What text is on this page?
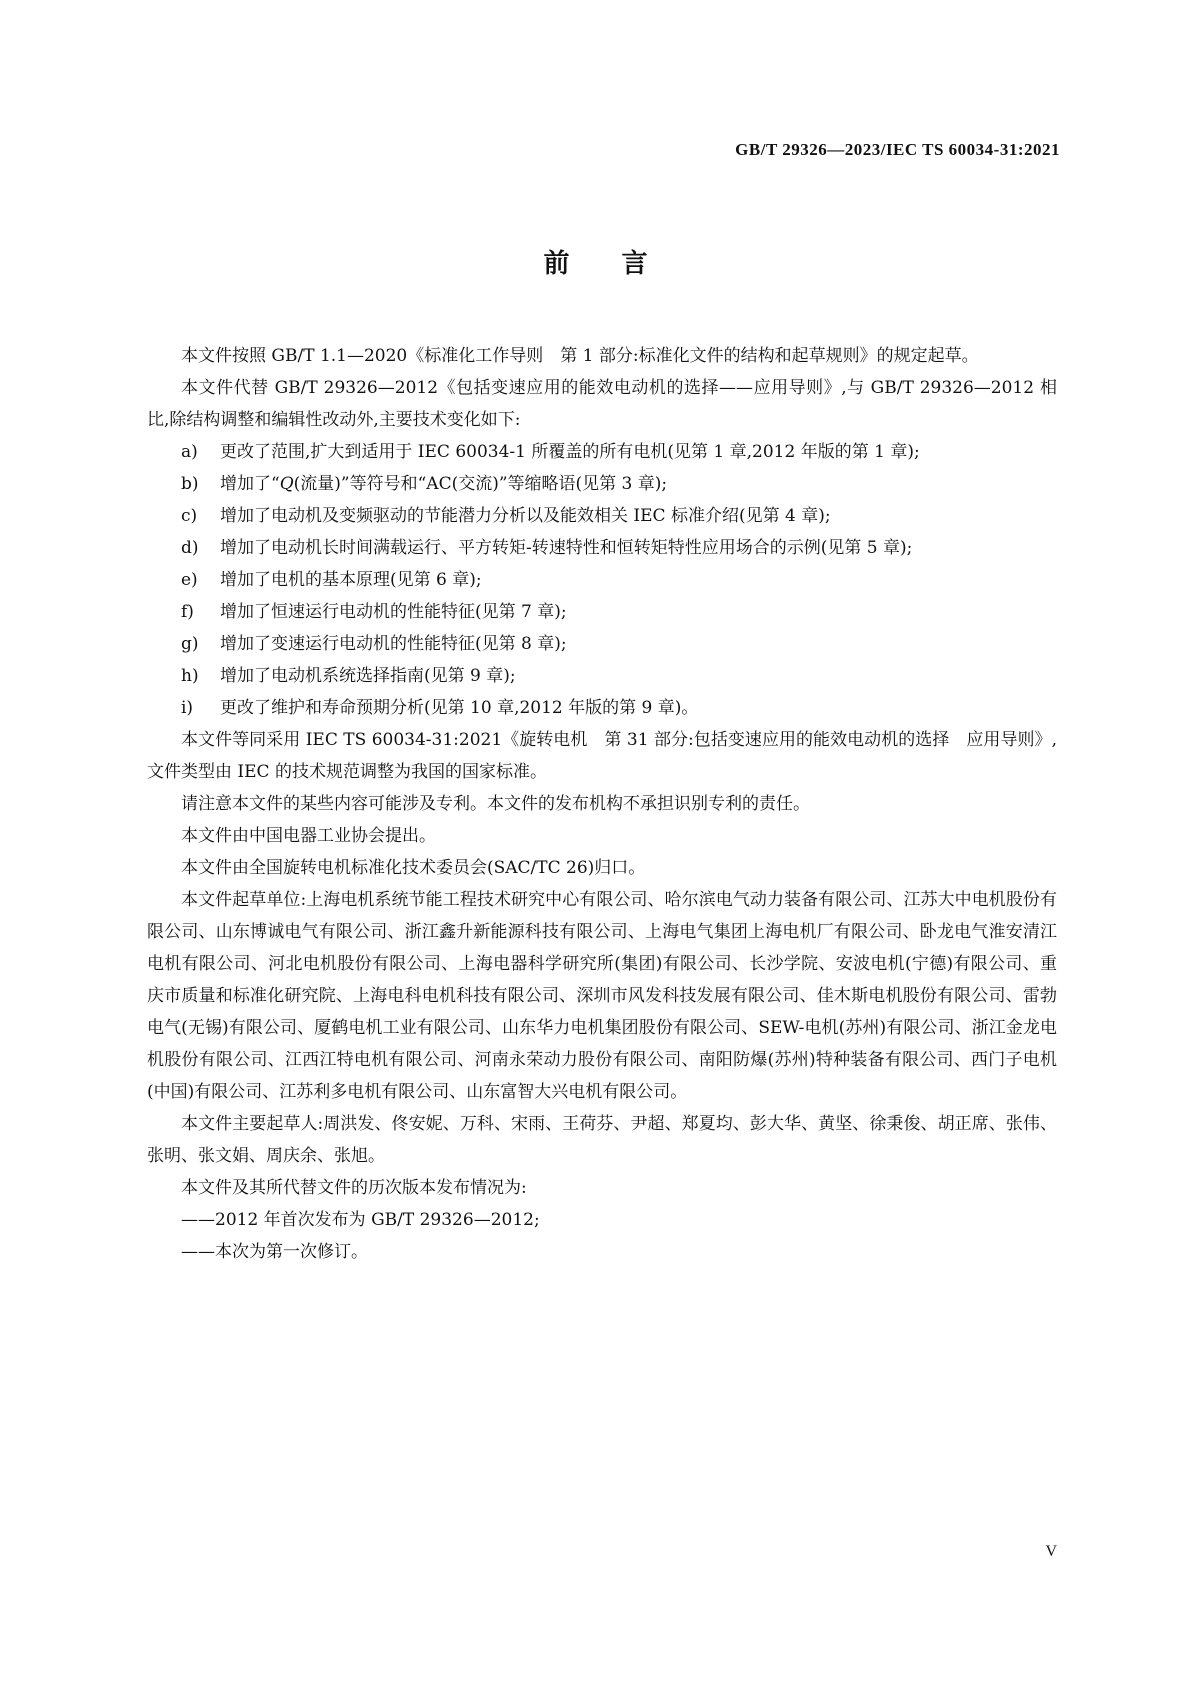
GB/T 29326—2023/IEC TS 60034-31:2021
前言

本文件按照 GB/T 1.1—2020《标准化工作导则　第 1 部分:标准化文件的结构和起草规则》的规定起草。

本文件代替 GB/T 29326—2012《包括变速应用的能效电动机的选择——应用导则》,与 GB/T 29326—2012 相比,除结构调整和编辑性改动外,主要技术变化如下:

a) 更改了范围,扩大到适用于 IEC 60034-1 所覆盖的所有电机(见第 1 章,2012 年版的第 1 章);

b) 增加了“Q(流量)”等符号和“AC(交流)”等缩略语(见第 3 章);

c) 增加了电动机及变频驱动的节能潜力分析以及能效相关 IEC 标准介绍(见第 4 章);

d) 增加了电动机长时间满载运行、平方转矩-转速特性和恒转矩特性应用场合的示例(见第 5 章);

e) 增加了电机的基本原理(见第 6 章);

f) 增加了恒速运行电动机的性能特征(见第 7 章);

g) 增加了变速运行电动机的性能特征(见第 8 章);

h) 增加了电动机系统选择指南(见第 9 章);

i) 更改了维护和寿命预期分析(见第 10 章,2012 年版的第 9 章)。

本文件等同采用 IEC TS 60034-31:2021《旋转电机　第 31 部分:包括变速应用的能效电动机的选择　应用导则》,文件类型由 IEC 的技术规范调整为我国的国家标准。

请注意本文件的某些内容可能涉及专利。本文件的发布机构不承担识别专利的责任。

本文件由中国电器工业协会提出。

本文件由全国旋转电机标准化技术委员会(SAC/TC 26)归口。

本文件起草单位:上海电机系统节能工程技术研究中心有限公司、哈尔滨电气动力装备有限公司、江苏大中电机股份有限公司、山东博诚电气有限公司、浙江鑫升新能源科技有限公司、上海电气集团上海电机厂有限公司、卧龙电气淮安清江电机有限公司、河北电机股份有限公司、上海电器科学研究所(集团)有限公司、长沙学院、安波电机(宁德)有限公司、重庆市质量和标准化研究院、上海电科电机科技有限公司、深圳市风发科技发展有限公司、佳木斯电机股份有限公司、雷勃电气(无锡)有限公司、厦鹤电机工业有限公司、山东华力电机集团股份有限公司、SEW-电机(苏州)有限公司、浙江金龙电机股份有限公司、江西江特电机有限公司、河南永荣动力股份有限公司、南阳防爆(苏州)特种装备有限公司、西门子电机(中国)有限公司、江苏利多电机有限公司、山东富智大兴电机有限公司。

本文件主要起草人:周洪发、佟安妮、万科、宋雨、王荷芬、尹超、郑夏均、彭大华、黄坚、徐秉俊、胡正席、张伟、张明、张文娟、周庆余、张旭。

本文件及其所代替文件的历次版本发布情况为:

——2012 年首次发布为 GB/T 29326—2012;

——本次为第一次修订。

V
